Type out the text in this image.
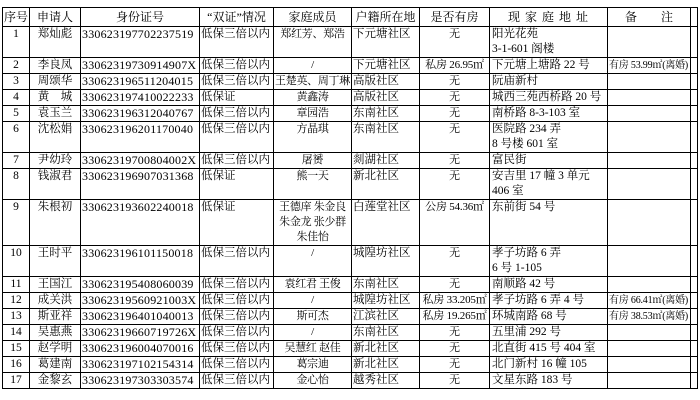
序号	申请人	身份证号	“双证”情况	家庭成员	户籍所在地	是否有房	现 家 庭 地 址	备　　注	
1	郑灿彪	330623197702237519	低保三倍以内	郑红芳、郑浩	下元塘社区	无	阳光花苑
3-1-601 阁楼		

2	李良凤	33062319730914907X	低保三倍以内	/	下元塘社区	私房 26.95㎡	下元塘上塘路 22 号	有房 53.99㎡(离婚)	
3	周颂华	330623196511204015	低保三倍以内	王楚英、周丁琳	高版社区	无	阮庙新村		

4	黄　城	330623197410022233	低保证	黄鑫涛	高版社区	无	城西三苑西桥路 20 号		

5	袁玉兰	330623196312040767	低保三倍以内	章园浩	东南社区	无	南桥路 8-3-103 室		

6	沈松娟	330623196201170040	低保三倍以内	方晶琪	东南社区	无	医院路 234 弄
8 号楼 601 室		

7	尹幼玲	33062319700804002X	低保三倍以内	屠赟	剡湖社区	无	富民街		

8	钱淑君	330623196907031368	低保证	熊一天	新北社区	无	安吉里 17 幢 3 单元
406 室		

9	朱根初	330623193602240018	低保证	王德庠 朱金良
朱金龙 张少群
朱佳怡	白莲堂社区	公房 54.36㎡	东前街 54 号		

10	王时平	330623196101150018	低保三倍以内	/	城隍坊社区	无	孝子坊路 6 弄
6 号 1-105		

11	王国江	330623195408060039	低保三倍以内	袁红君 王俊	东南社区	无	南顺路 42 号		

12	成关洪	33062319560921003X	低保三倍以内	/	城隍坊社区	私房 33.205㎡	孝子坊路 6 弄 4 号	有房 66.41㎡(离婚)	
13	斯亚祥	330623196401040013	低保三倍以内	斯可杰	江滨社区	私房 19.265㎡	环城南路 68 号	有房 38.53㎡(离婚)	
14	吴惠燕	33062319660719726X	低保三倍以内	/	东南社区	无	五里浦 292 号		

15	赵学明	330623196004070016	低保三倍以内	吴慧红 赵佳	新北社区	无	北直街 415 号 404 室		

16	葛建南	330623197102154314	低保三倍以内	葛宗迪	新北社区	无	北门新村 16 幢 105		

17	金黎玄	330623197303303574	低保三倍以内	金心怡	越秀社区	无	文星东路 183 号		
